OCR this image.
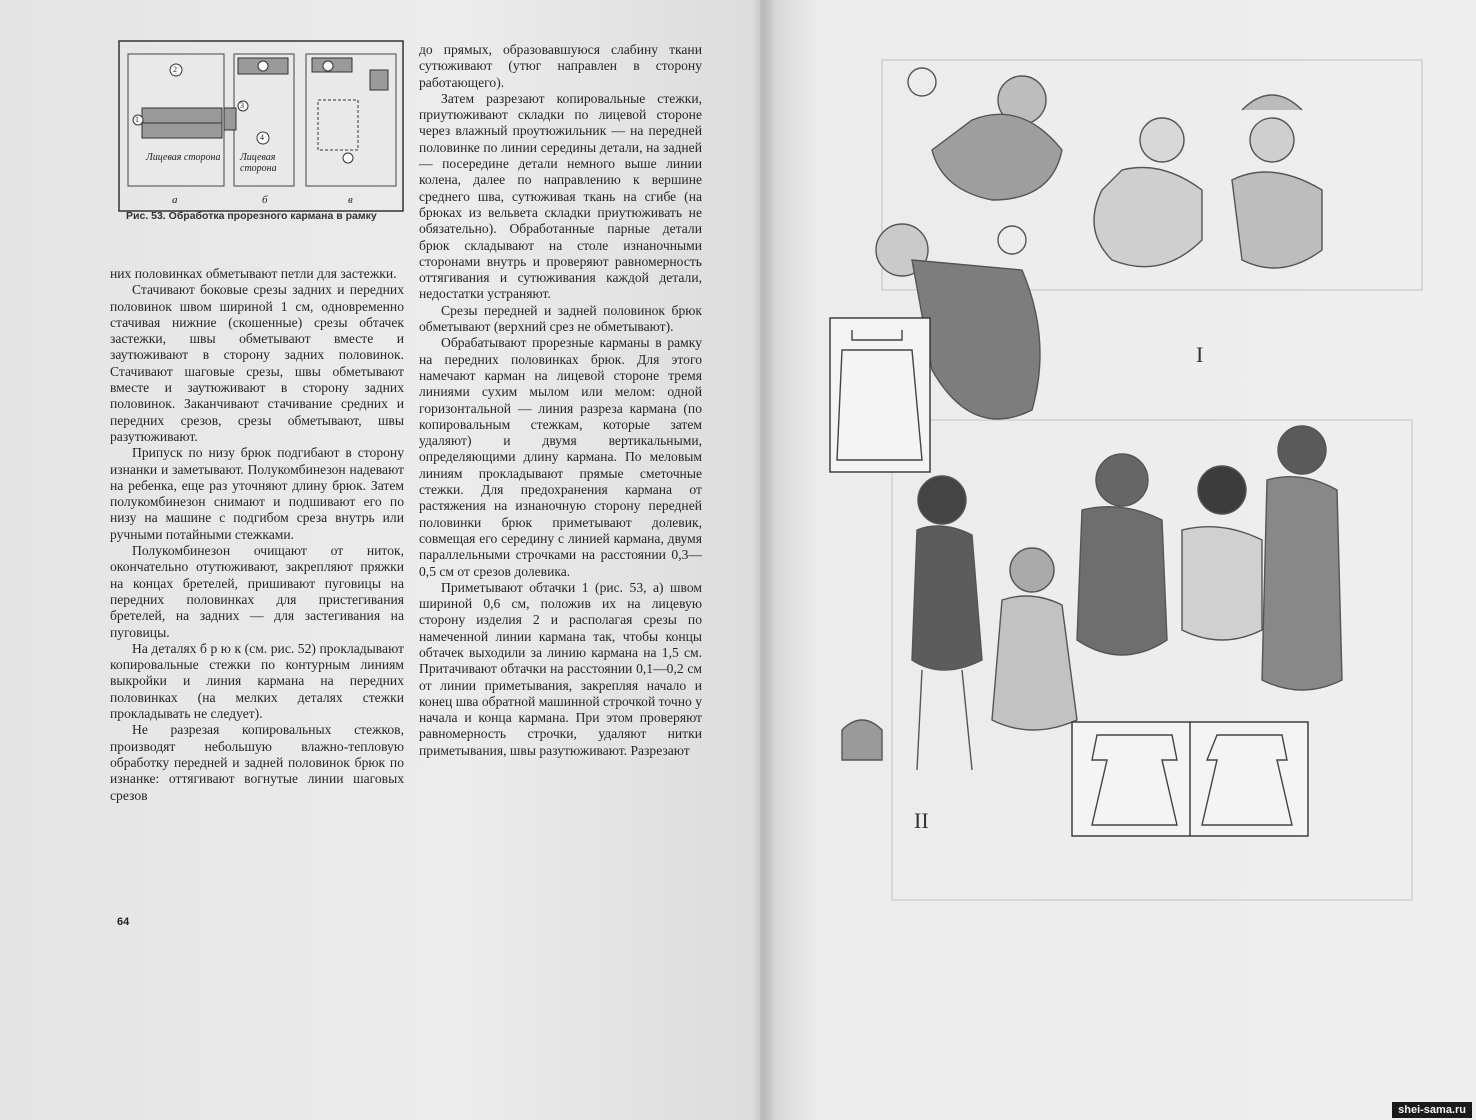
Лицевая сторона Лицевая сторона
2
1
3
4
а	б	в
Рис. 53. Обработка прорезного кармана в рамку

них половинках обметывают петли для застежки.

Стачивают боковые срезы задних и передних половинок швом шириной 1 см, одновременно стачивая нижние (скошенные) срезы обтачек застежки, швы обметывают вместе и заутюживают в сторону задних половинок. Стачивают шаговые срезы, швы обметывают вместе и заутюживают в сторону задних половинок. Заканчивают стачивание средних и передних срезов, срезы обметывают, швы разутюживают.

Припуск по низу брюк подгибают в сторону изнанки и заметывают. Полукомбинезон надевают на ребенка, еще раз уточняют длину брюк. Затем полукомбинезон снимают и подшивают его по низу на машине с подгибом среза внутрь или ручными потайными стежками.

Полукомбинезон очищают от ниток, окончательно отутюживают, закрепляют пряжки на концах бретелей, пришивают пуговицы на передних половинках для пристегивания бретелей, на задних — для застегивания на пуговицы.

На деталях б р ю к (см. рис. 52) прокладывают копировальные стежки по контурным линиям выкройки и линия кармана на передних половинках (на мелких деталях стежки прокладывать не следует).

Не разрезая копировальных стежков, производят небольшую влажно-тепловую обработку передней и задней половинок брюк по изнанке: оттягивают вогнутые линии шаговых срезов

до прямых, образовавшуюся слабину ткани сутюживают (утюг направлен в сторону работающего).

Затем разрезают копировальные стежки, приутюживают складки по лицевой стороне через влажный проутюжильник — на передней половинке по линии середины детали, на задней — посередине детали немного выше линии колена, далее по направлению к вершине среднего шва, сутюживая ткань на сгибе (на брюках из вельвета складки приутюживать не обязательно). Обработанные парные детали брюк складывают на столе изнаночными сторонами внутрь и проверяют равномерность оттягивания и сутюживания каждой детали, недостатки устраняют.

Срезы передней и задней половинок брюк обметывают (верхний срез не обметывают).

Обрабатывают прорезные карманы в рамку на передних половинках брюк. Для этого намечают карман на лицевой стороне тремя линиями сухим мылом или мелом: одной горизонтальной — линия разреза кармана (по копировальным стежкам, которые затем удаляют) и двумя вертикальными, определяющими длину кармана. По меловым линиям прокладывают прямые сметочные стежки. Для предохранения кармана от растяжения на изнаночную сторону передней половинки брюк приметывают долевик, совмещая его середину с линией кармана, двумя параллельными строчками на расстоянии 0,3—0,5 см от срезов долевика.

Приметывают обтачки 1 (рис. 53, а) швом шириной 0,6 см, положив их на лицевую сторону изделия 2 и располагая срезы по намеченной линии кармана так, чтобы концы обтачек выходили за линию кармана на 1,5 см. Притачивают обтачки на расстоянии 0,1—0,2 см от линии приметывания, закрепляя начало и конец шва обратной машинной строчкой точно у начала и конца кармана. При этом проверяют равномерность строчки, удаляют нитки приметывания, швы разутюживают. Разрезают

64
I
II
shei-sama.ru
